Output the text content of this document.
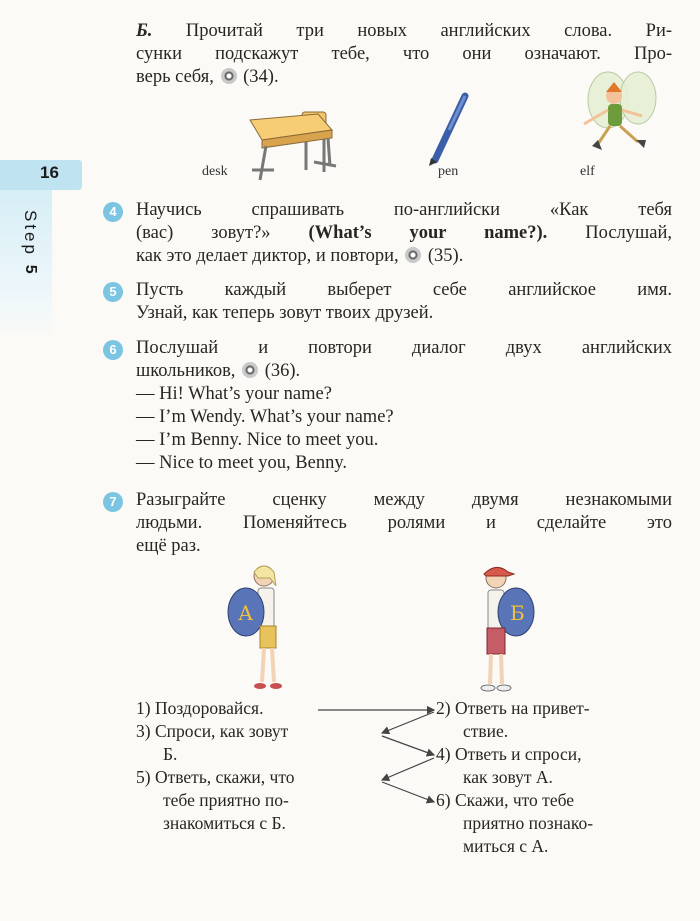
16
Step 5
Б. Прочитай три новых английских слова. Ри-
сунки подскажут тебе, что они означают. Про-
верь себя, (34).
desk	pen	elf
4	Научись спрашивать по-английски «Как тебя
(вас) зовут?» (What’s your name?). Послушай,
как это делает диктор, и повтори, (35).
5	Пусть каждый выберет себе английское имя.
Узнай, как теперь зовут твоих друзей.
6	Послушай и повтори диалог двух английских
школьников, (36).
— Hi! What’s your name?
— I’m Wendy. What’s your name?
— I’m Benny. Nice to meet you.
— Nice to meet you, Benny.
7	Разыграйте сценку между двумя незнакомыми
людьми. Поменяйтесь ролями и сделайте это
ещё раз.
А	Б
1) Поздоровайся.
3) Спроси, как зовут
Б.
5) Ответь, скажи, что
тебе приятно по-
знакомиться с Б.
2) Ответь на привет-
ствие.
4) Ответь и спроси,
как зовут А.
6) Скажи, что тебе
приятно познако-
миться с А.
